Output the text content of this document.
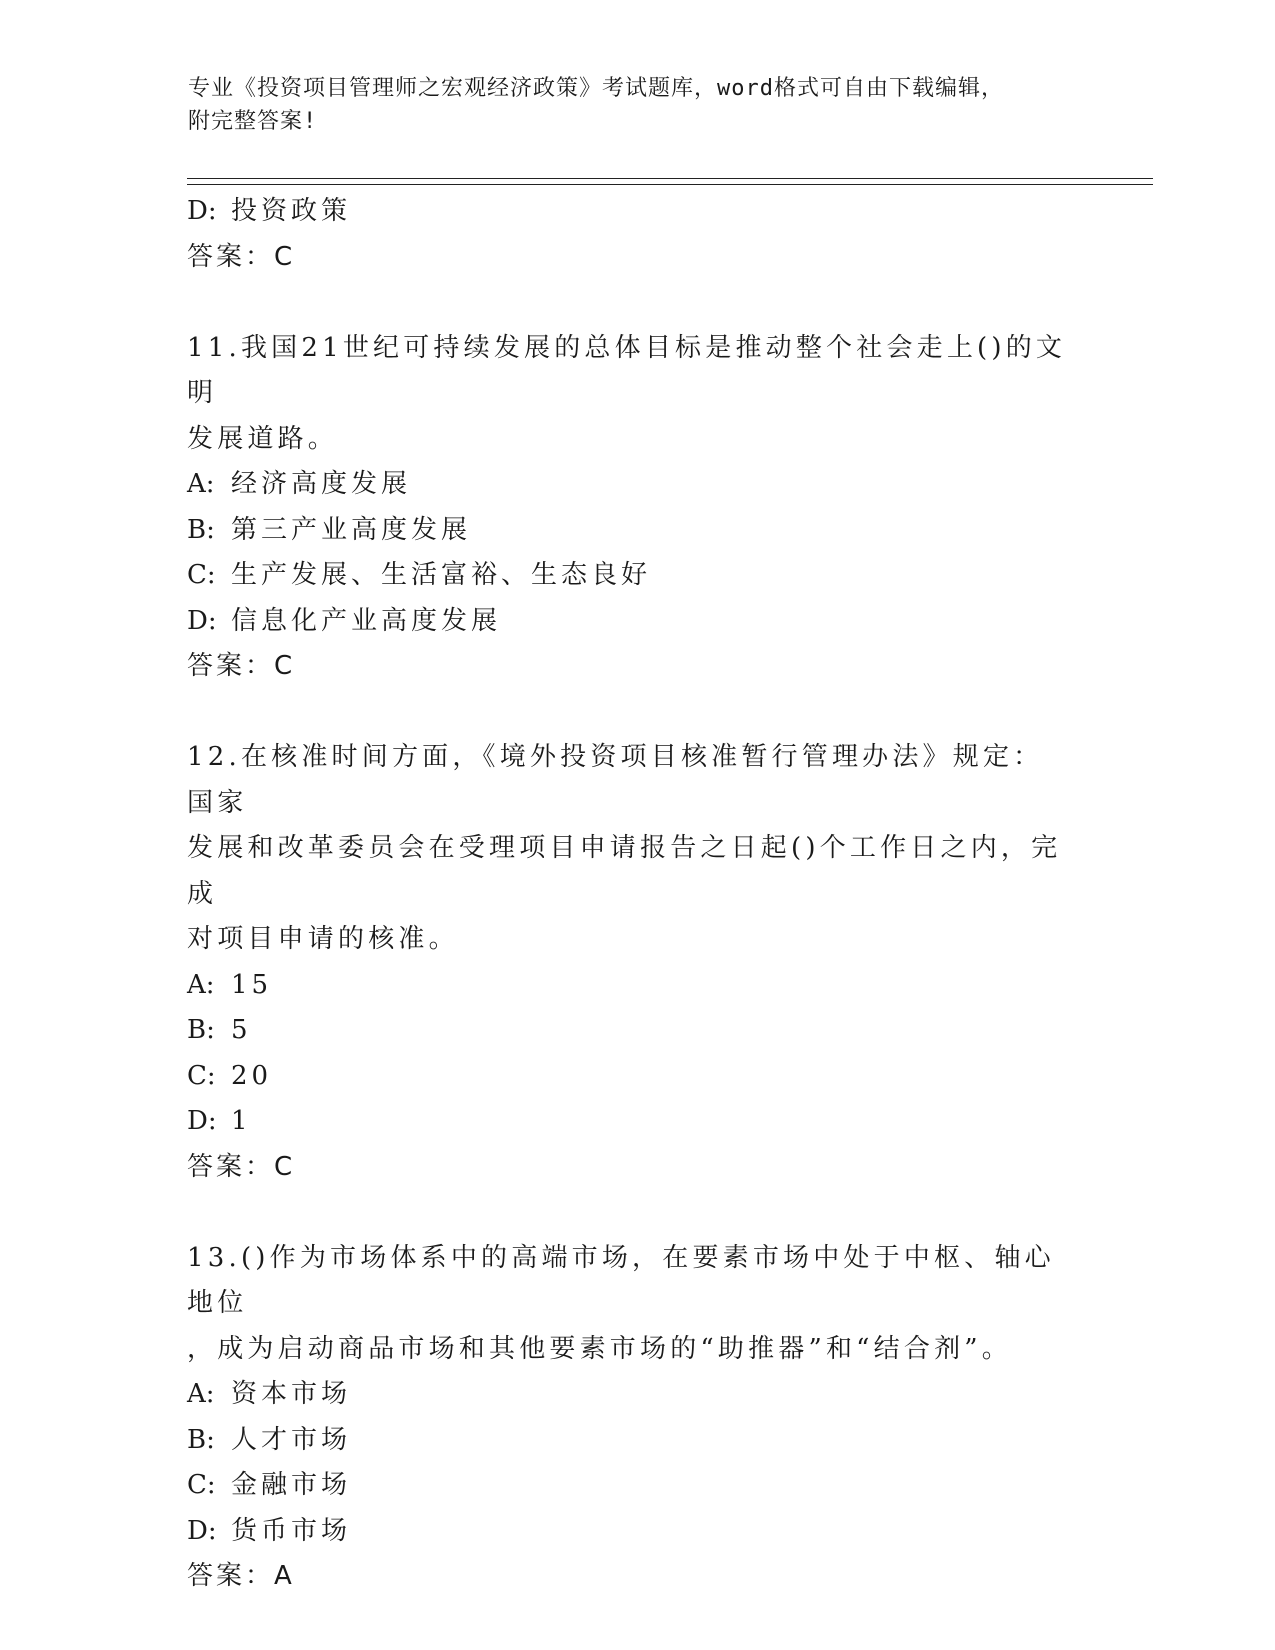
专业《投资项目管理师之宏观经济政策》考试题库，word格式可自由下载编辑，
附完整答案!
D: 投资政策
答案：C
11.我国21世纪可持续发展的总体目标是推动整个社会走上()的文明
发展道路。
A: 经济高度发展
B: 第三产业高度发展
C: 生产发展、生活富裕、生态良好
D: 信息化产业高度发展
答案：C
12.在核准时间方面，《境外投资项目核准暂行管理办法》规定：国家
发展和改革委员会在受理项目申请报告之日起()个工作日之内，完成
对项目申请的核准。
A: 15
B: 5
C: 20
D: 1
答案：C
13.()作为市场体系中的高端市场，在要素市场中处于中枢、轴心地位
，成为启动商品市场和其他要素市场的“助推器”和“结合剂”。
A: 资本市场
B: 人才市场
C: 金融市场
D: 货币市场
答案：A
